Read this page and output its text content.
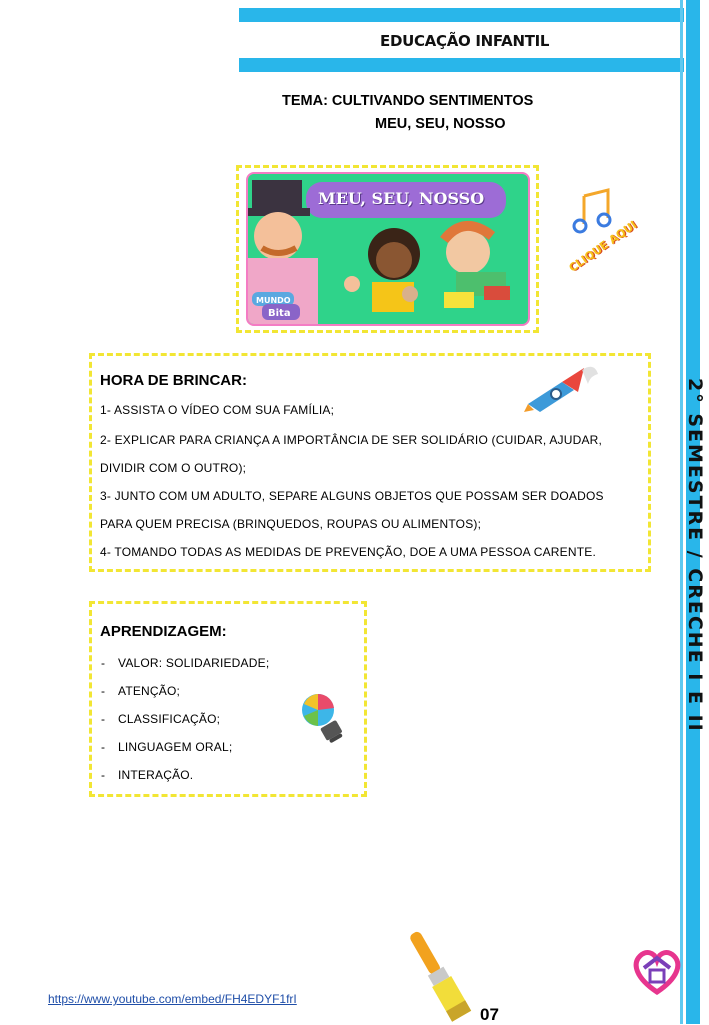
EDUCAÇÃO INFANTIL
TEMA: CULTIVANDO SENTIMENTOS
MEU, SEU, NOSSO
MEU, SEU, NOSSO
MUNDO
Bita
CLIQUE AQUI
HORA DE BRINCAR:
1- ASSISTA O VÍDEO COM SUA FAMÍLIA;
2- EXPLICAR PARA CRIANÇA A IMPORTÂNCIA DE SER SOLIDÁRIO (CUIDAR, AJUDAR,
DIVIDIR COM O OUTRO);
3- JUNTO COM UM ADULTO, SEPARE ALGUNS OBJETOS QUE POSSAM SER DOADOS
PARA QUEM PRECISA (BRINQUEDOS, ROUPAS OU ALIMENTOS);
4- TOMANDO TODAS AS MEDIDAS DE PREVENÇÃO, DOE A UMA PESSOA CARENTE.
APRENDIZAGEM:
- VALOR: SOLIDARIEDADE;
- ATENÇÃO;
- CLASSIFICAÇÃO;
- LINGUAGEM ORAL;
- INTERAÇÃO.
2° SEMESTRE / CRECHE I E II
https://www.youtube.com/embed/FH4EDYF1frI
07
